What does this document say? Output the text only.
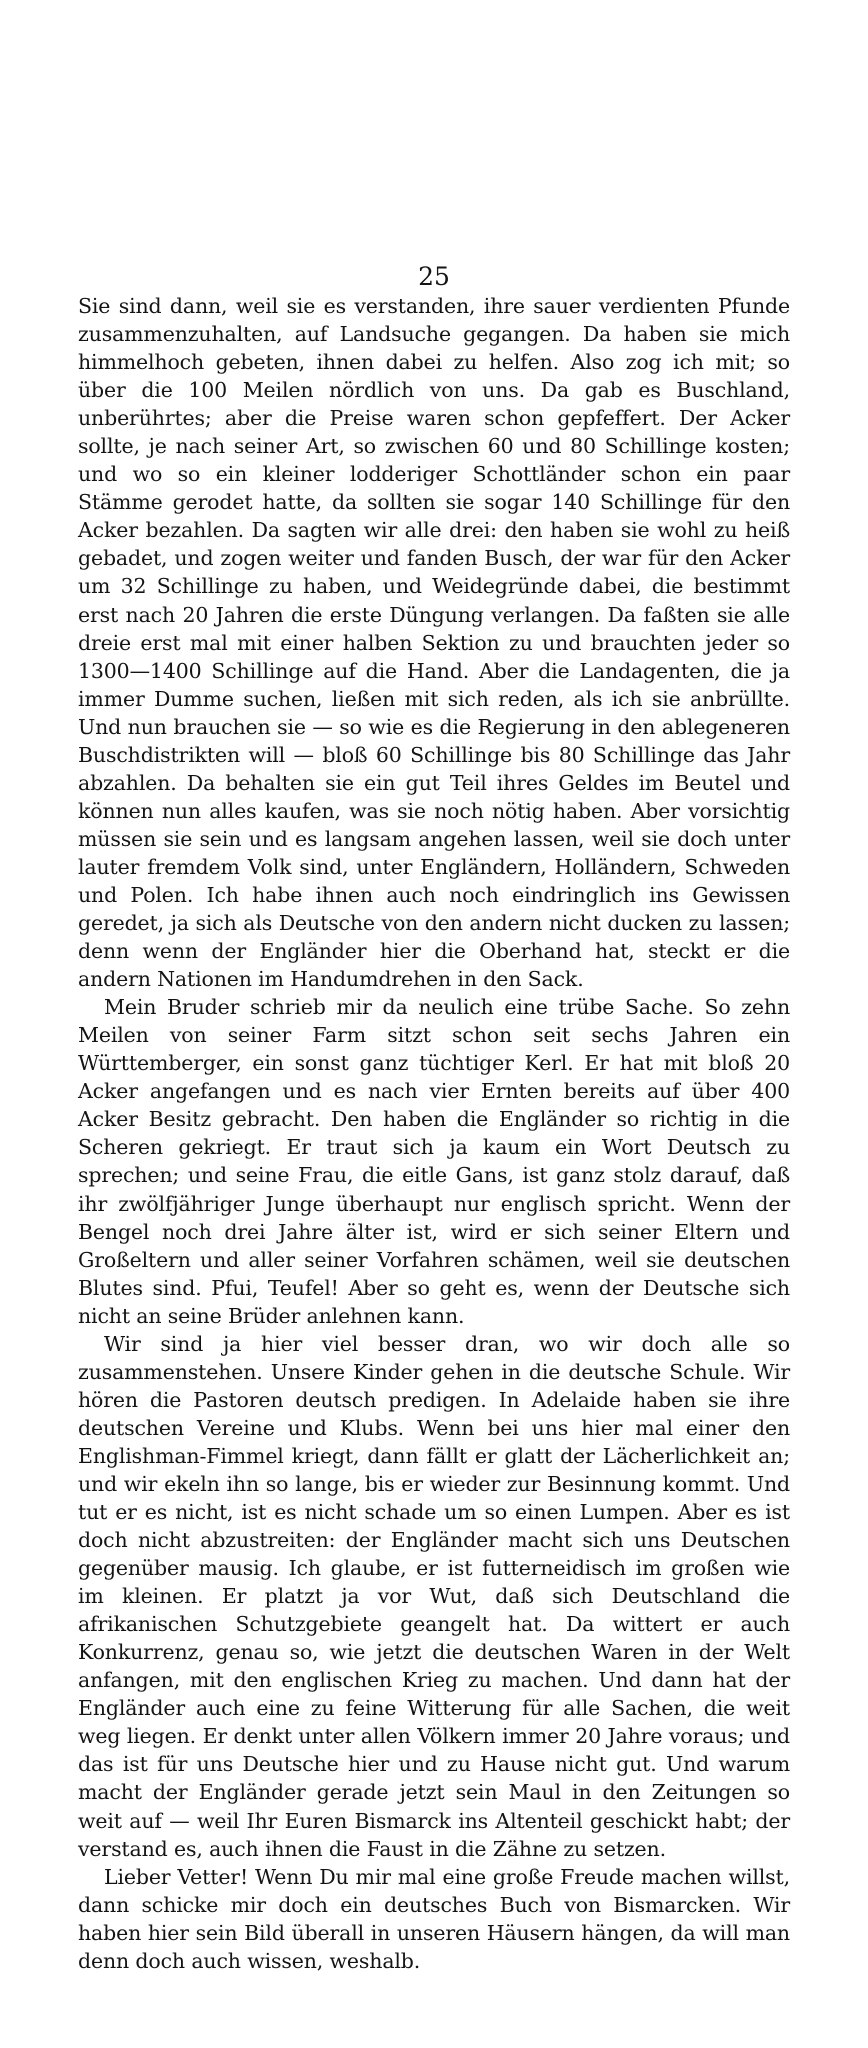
25

Sie sind dann, weil sie es verstanden, ihre sauer verdienten Pfunde zusammenzuhalten, auf Landsuche gegangen. Da haben sie mich himmelhoch gebeten, ihnen dabei zu helfen. Also zog ich mit; so über die 100 Meilen nördlich von uns. Da gab es Buschland, unberührtes; aber die Preise waren schon gepfeffert. Der Acker sollte, je nach seiner Art, so zwischen 60 und 80 Schillinge kosten; und wo so ein kleiner lodderiger Schottländer schon ein paar Stämme gerodet hatte, da sollten sie sogar 140 Schillinge für den Acker bezahlen. Da sagten wir alle drei: den haben sie wohl zu heiß gebadet, und zogen weiter und fanden Busch, der war für den Acker um 32 Schillinge zu haben, und Weidegründe dabei, die bestimmt erst nach 20 Jahren die erste Düngung verlangen. Da faßten sie alle dreie erst mal mit einer halben Sektion zu und brauchten jeder so 1300—1400 Schillinge auf die Hand. Aber die Landagenten, die ja immer Dumme suchen, ließen mit sich reden, als ich sie anbrüllte. Und nun brauchen sie — so wie es die Regierung in den ablegeneren Buschdistrikten will — bloß 60 Schillinge bis 80 Schillinge das Jahr abzahlen. Da behalten sie ein gut Teil ihres Geldes im Beutel und können nun alles kaufen, was sie noch nötig haben. Aber vorsichtig müssen sie sein und es langsam angehen lassen, weil sie doch unter lauter fremdem Volk sind, unter Engländern, Holländern, Schweden und Polen. Ich habe ihnen auch noch eindringlich ins Gewissen geredet, ja sich als Deutsche von den andern nicht ducken zu lassen; denn wenn der Engländer hier die Oberhand hat, steckt er die andern Nationen im Handumdrehen in den Sack.

Mein Bruder schrieb mir da neulich eine trübe Sache. So zehn Meilen von seiner Farm sitzt schon seit sechs Jahren ein Württemberger, ein sonst ganz tüchtiger Kerl. Er hat mit bloß 20 Acker angefangen und es nach vier Ernten bereits auf über 400 Acker Besitz gebracht. Den haben die Engländer so richtig in die Scheren gekriegt. Er traut sich ja kaum ein Wort Deutsch zu sprechen; und seine Frau, die eitle Gans, ist ganz stolz darauf, daß ihr zwölfjähriger Junge überhaupt nur englisch spricht. Wenn der Bengel noch drei Jahre älter ist, wird er sich seiner Eltern und Großeltern und aller seiner Vorfahren schämen, weil sie deutschen Blutes sind. Pfui, Teufel! Aber so geht es, wenn der Deutsche sich nicht an seine Brüder anlehnen kann.

Wir sind ja hier viel besser dran, wo wir doch alle so zusammenstehen. Unsere Kinder gehen in die deutsche Schule. Wir hören die Pastoren deutsch predigen. In Adelaide haben sie ihre deutschen Vereine und Klubs. Wenn bei uns hier mal einer den Englishman-Fimmel kriegt, dann fällt er glatt der Lächerlichkeit an; und wir ekeln ihn so lange, bis er wieder zur Besinnung kommt. Und tut er es nicht, ist es nicht schade um so einen Lumpen. Aber es ist doch nicht abzustreiten: der Engländer macht sich uns Deutschen gegenüber mausig. Ich glaube, er ist futterneidisch im großen wie im kleinen. Er platzt ja vor Wut, daß sich Deutschland die afrikanischen Schutzgebiete geangelt hat. Da wittert er auch Konkurrenz, genau so, wie jetzt die deutschen Waren in der Welt anfangen, mit den englischen Krieg zu machen. Und dann hat der Engländer auch eine zu feine Witterung für alle Sachen, die weit weg liegen. Er denkt unter allen Völkern immer 20 Jahre voraus; und das ist für uns Deutsche hier und zu Hause nicht gut. Und warum macht der Engländer gerade jetzt sein Maul in den Zeitungen so weit auf — weil Ihr Euren Bismarck ins Altenteil geschickt habt; der verstand es, auch ihnen die Faust in die Zähne zu setzen.

Lieber Vetter! Wenn Du mir mal eine große Freude machen willst, dann schicke mir doch ein deutsches Buch von Bismarcken. Wir haben hier sein Bild überall in unseren Häusern hängen, da will man denn doch auch wissen, weshalb.
